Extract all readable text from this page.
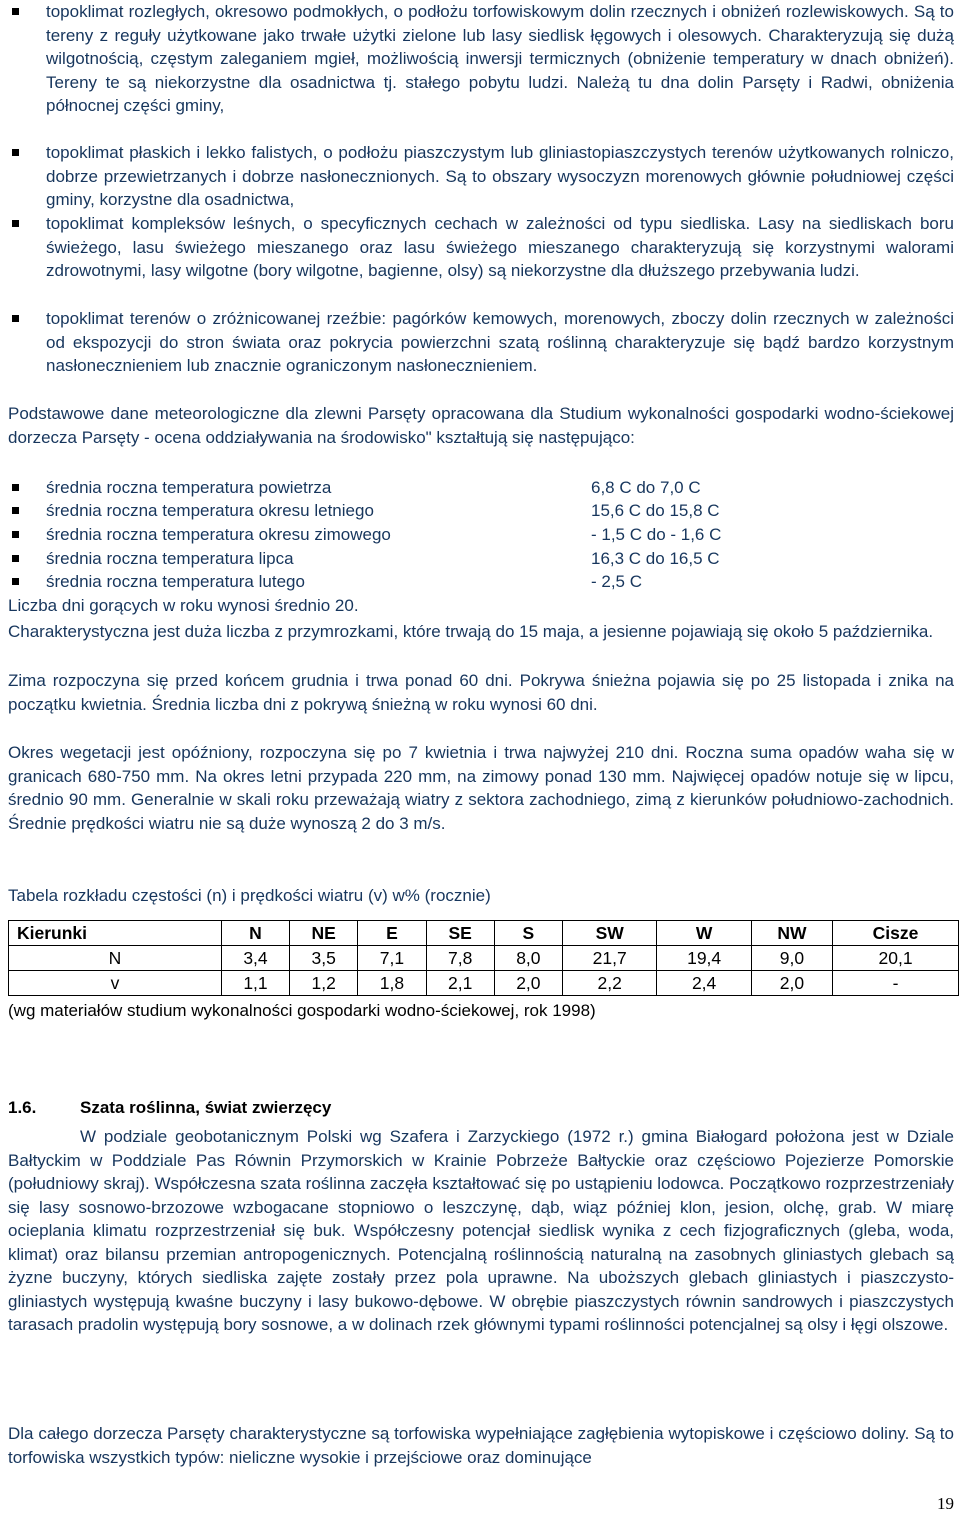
topoklimat rozległych, okresowo podmokłych, o podłożu torfowiskowym dolin rzecznych i obniżeń rozlewiskowych. Są to tereny z reguły użytkowane jako trwałe użytki zielone lub lasy siedlisk łęgowych i olesowych. Charakteryzują się dużą wilgotnością, częstym zaleganiem mgieł, możliwością inwersji termicznych (obniżenie temperatury w dnach obniżeń). Tereny te są niekorzystne dla osadnictwa tj. stałego pobytu ludzi. Należą tu dna dolin Parsęty i Radwi, obniżenia północnej części gminy,
topoklimat płaskich i lekko falistych, o podłożu piaszczystym lub gliniastopiaszczystych terenów użytkowanych rolniczo, dobrze przewietrzanych i dobrze nasłonecznionych. Są to obszary wysoczyzn morenowych głównie południowej części gminy, korzystne dla osadnictwa,
topoklimat kompleksów leśnych, o specyficznych cechach w zależności od typu siedliska. Lasy na siedliskach boru świeżego, lasu świeżego mieszanego oraz lasu świeżego mieszanego charakteryzują się korzystnymi walorami zdrowotnymi, lasy wilgotne (bory wilgotne, bagienne, olsy) są niekorzystne dla dłuższego przebywania ludzi.
topoklimat terenów o zróżnicowanej rzeźbie: pagórków kemowych, morenowych, zboczy dolin rzecznych w zależności od ekspozycji do stron świata oraz pokrycia powierzchni szatą roślinną charakteryzuje się bądź bardzo korzystnym nasłonecznieniem lub znacznie ograniczonym nasłonecznieniem.

Podstawowe dane meteorologiczne dla zlewni Parsęty opracowana dla Studium wykonalności gospodarki wodno-ściekowej dorzecza Parsęty - ocena oddziaływania na środowisko" kształtują się następująco:

średnia roczna temperatura powietrza	6,8 C do 7,0 C
średnia roczna temperatura okresu letniego	15,6 C do 15,8 C
średnia roczna temperatura okresu zimowego	- 1,5 C do - 1,6 C
średnia roczna temperatura lipca	16,3 C do 16,5 C
średnia roczna temperatura lutego	- 2,5 C

Liczba dni gorących w roku wynosi średnio 20.

Charakterystyczna jest duża liczba z przymrozkami, które trwają do 15 maja, a jesienne pojawiają się około 5 października.

Zima rozpoczyna się przed końcem grudnia i trwa ponad 60 dni. Pokrywa śnieżna pojawia się po 25 listopada i znika na początku kwietnia. Średnia liczba dni z pokrywą śnieżną w roku wynosi 60 dni.

Okres wegetacji jest opóźniony, rozpoczyna się po 7 kwietnia i trwa najwyżej 210 dni. Roczna suma opadów waha się w granicach 680-750 mm. Na okres letni przypada 220 mm, na zimowy ponad 130 mm. Najwięcej opadów notuje się w lipcu, średnio 90 mm. Generalnie w skali roku przeważają wiatry z sektora zachodniego, zimą z kierunków południowo-zachodnich. Średnie prędkości wiatru nie są duże wynoszą 2 do 3 m/s.

Tabela rozkładu częstości (n) i prędkości wiatru (v) w% (rocznie)

Kierunki	N	NE	E	SE	S	SW	W	NW	Cisze
N	3,4	3,5	7,1	7,8	8,0	21,7	19,4	9,0	20,1
v	1,1	1,2	1,8	2,1	2,0	2,2	2,4	2,0	-

(wg materiałów studium wykonalności gospodarki wodno-ściekowej, rok 1998)

1.6.	Szata roślinna, świat zwierzęcy

W podziale geobotanicznym Polski wg Szafera i Zarzyckiego (1972 r.) gmina Białogard położona jest w Dziale Bałtyckim w Poddziale Pas Równin Przymorskich w Krainie Pobrzeże Bałtyckie oraz częściowo Pojezierze Pomorskie (południowy skraj). Współczesna szata roślinna zaczęła kształtować się po ustąpieniu lodowca. Początkowo rozprzestrzeniały się lasy sosnowo-brzozowe wzbogacane stopniowo o leszczynę, dąb, wiąz później klon, jesion, olchę, grab. W miarę ocieplania klimatu rozprzestrzeniał się buk. Współczesny potencjał siedlisk wynika z cech fizjograficznych (gleba, woda, klimat) oraz bilansu przemian antropogenicznych. Potencjalną roślinnością naturalną na zasobnych gliniastych glebach są żyzne buczyny, których siedliska zajęte zostały przez pola uprawne. Na uboższych glebach gliniastych i piaszczysto-gliniastych występują kwaśne buczyny i lasy bukowo-dębowe. W obrębie piaszczystych równin sandrowych i piaszczystych tarasach pradolin występują bory sosnowe, a w dolinach rzek głównymi typami roślinności potencjalnej są olsy i łęgi olszowe.

Dla całego dorzecza Parsęty charakterystyczne są torfowiska wypełniające zagłębienia wytopiskowe i częściowo doliny. Są to torfowiska wszystkich typów: nieliczne wysokie i przejściowe oraz dominujące

19
